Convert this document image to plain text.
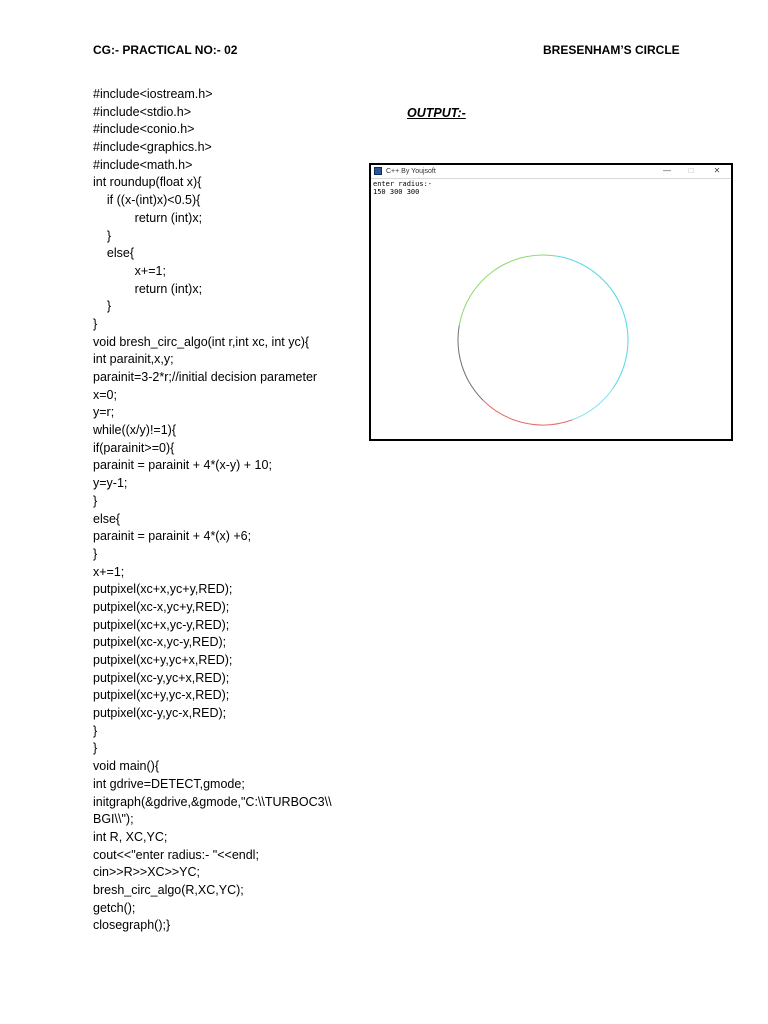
CG:- PRACTICAL NO:- 02	BRESENHAM’S CIRCLE
OUTPUT:-
#include<iostream.h>
#include<stdio.h>
#include<conio.h>
#include<graphics.h>
#include<math.h>
int roundup(float x){
if ((x-(int)x)<0.5){
return (int)x;
}
else{
x+=1;
return (int)x;
}
}
void bresh_circ_algo(int r,int xc, int yc){
int parainit,x,y;
parainit=3-2*r;//initial decision parameter
x=0;
y=r;
while((x/y)!=1){
if(parainit>=0){
parainit = parainit + 4*(x-y) + 10;
y=y-1;
}
else{
parainit = parainit + 4*(x) +6;
}
x+=1;
putpixel(xc+x,yc+y,RED);
putpixel(xc-x,yc+y,RED);
putpixel(xc+x,yc-y,RED);
putpixel(xc-x,yc-y,RED);
putpixel(xc+y,yc+x,RED);
putpixel(xc-y,yc+x,RED);
putpixel(xc+y,yc-x,RED);
putpixel(xc-y,yc-x,RED);
}
}
void main(){
int gdrive=DETECT,gmode;
initgraph(&gdrive,&gmode,"C:\\TURBOC3\\
BGI\\");
int R, XC,YC;
cout<<"enter radius:- "<<endl;
cin>>R>>XC>>YC;
bresh_circ_algo(R,XC,YC);
getch();
closegraph();}
C++ By Youjsoft	—	□	✕
enter radius:-
150 300 300
